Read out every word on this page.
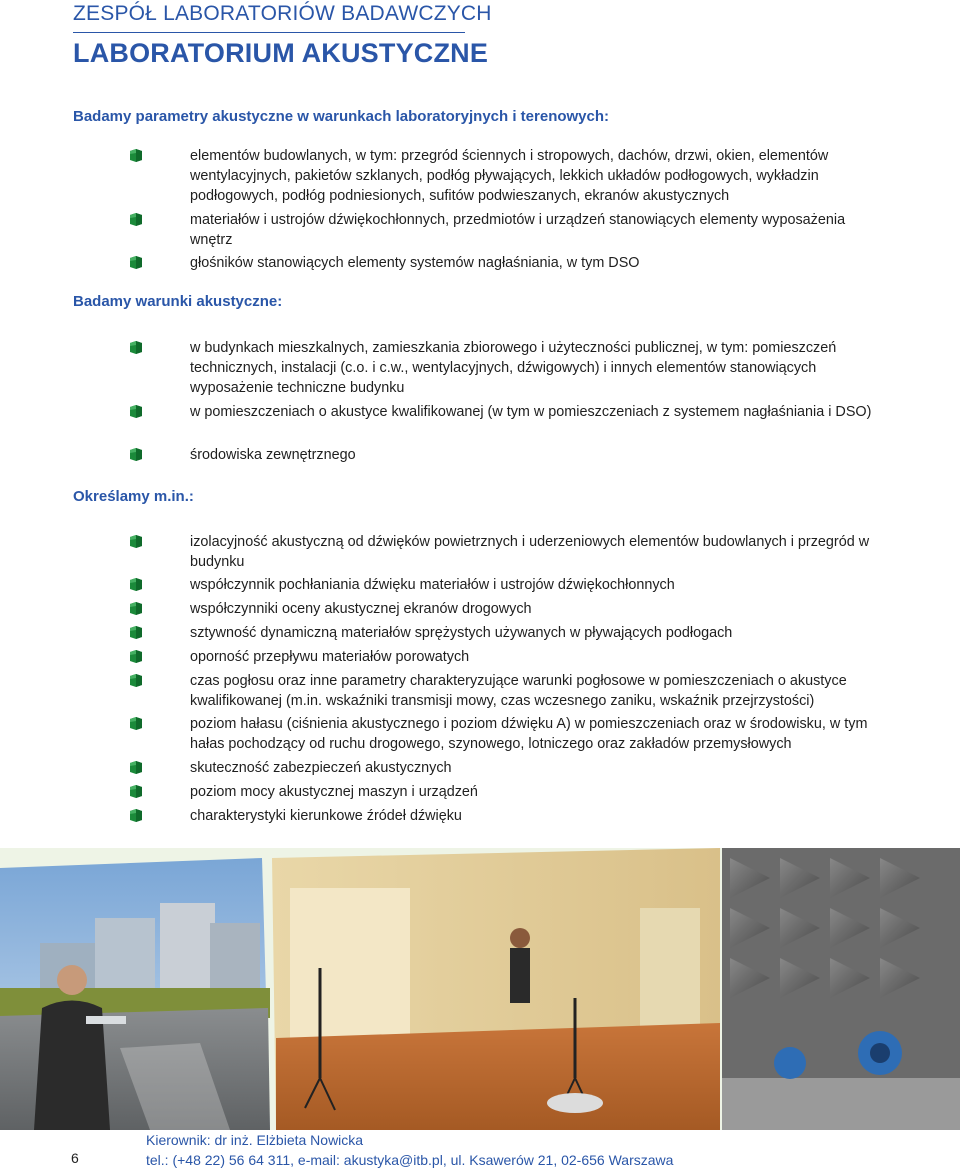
ZESPÓŁ LABORATORIÓW BADAWCZYCH
LABORATORIUM AKUSTYCZNE
Badamy parametry akustyczne w warunkach laboratoryjnych i terenowych:
elementów budowlanych, w tym: przegród ściennych i stropowych, dachów, drzwi, okien, elementów wentylacyjnych, pakietów szklanych, podłóg pływających, lekkich układów podłogowych, wykładzin podłogowych, podłóg podniesionych, sufitów podwieszanych, ekranów akustycznych
materiałów i ustrojów dźwiękochłonnych, przedmiotów i urządzeń stanowiących elementy wyposażenia wnętrz
głośników stanowiących elementy systemów nagłaśniania, w tym DSO
Badamy warunki akustyczne:
w budynkach mieszkalnych, zamieszkania zbiorowego i użyteczności publicznej, w tym: pomieszczeń technicznych, instalacji (c.o. i c.w., wentylacyjnych, dźwigowych) i innych elementów stanowiących wyposażenie techniczne budynku
w pomieszczeniach o akustyce kwalifikowanej (w tym w pomieszczeniach z systemem nagłaśniania i DSO)
środowiska zewnętrznego
Określamy m.in.:
izolacyjność akustyczną od dźwięków powietrznych i uderzeniowych elementów budowlanych i przegród w budynku
współczynnik pochłaniania dźwięku materiałów i ustrojów dźwiękochłonnych
współczynniki oceny akustycznej ekranów drogowych
sztywność dynamiczną materiałów sprężystych używanych w pływających podłogach
oporność przepływu materiałów porowatych
czas pogłosu oraz inne parametry charakteryzujące warunki pogłosowe w pomieszczeniach o akustyce kwalifikowanej (m.in. wskaźniki transmisji mowy, czas wczesnego zaniku, wskaźnik przejrzystości)
poziom hałasu (ciśnienia akustycznego i poziom dźwięku A) w pomieszczeniach oraz w środowisku, w tym hałas pochodzący od ruchu drogowego, szynowego, lotniczego oraz zakładów przemysłowych
skuteczność zabezpieczeń akustycznych
poziom mocy akustycznej maszyn i urządzeń
charakterystyki kierunkowe źródeł dźwięku
6
Kierownik: dr inż. Elżbieta Nowicka
tel.: (+48 22) 56 64 311, e-mail: akustyka@itb.pl, ul. Ksawerów 21, 02-656 Warszawa
